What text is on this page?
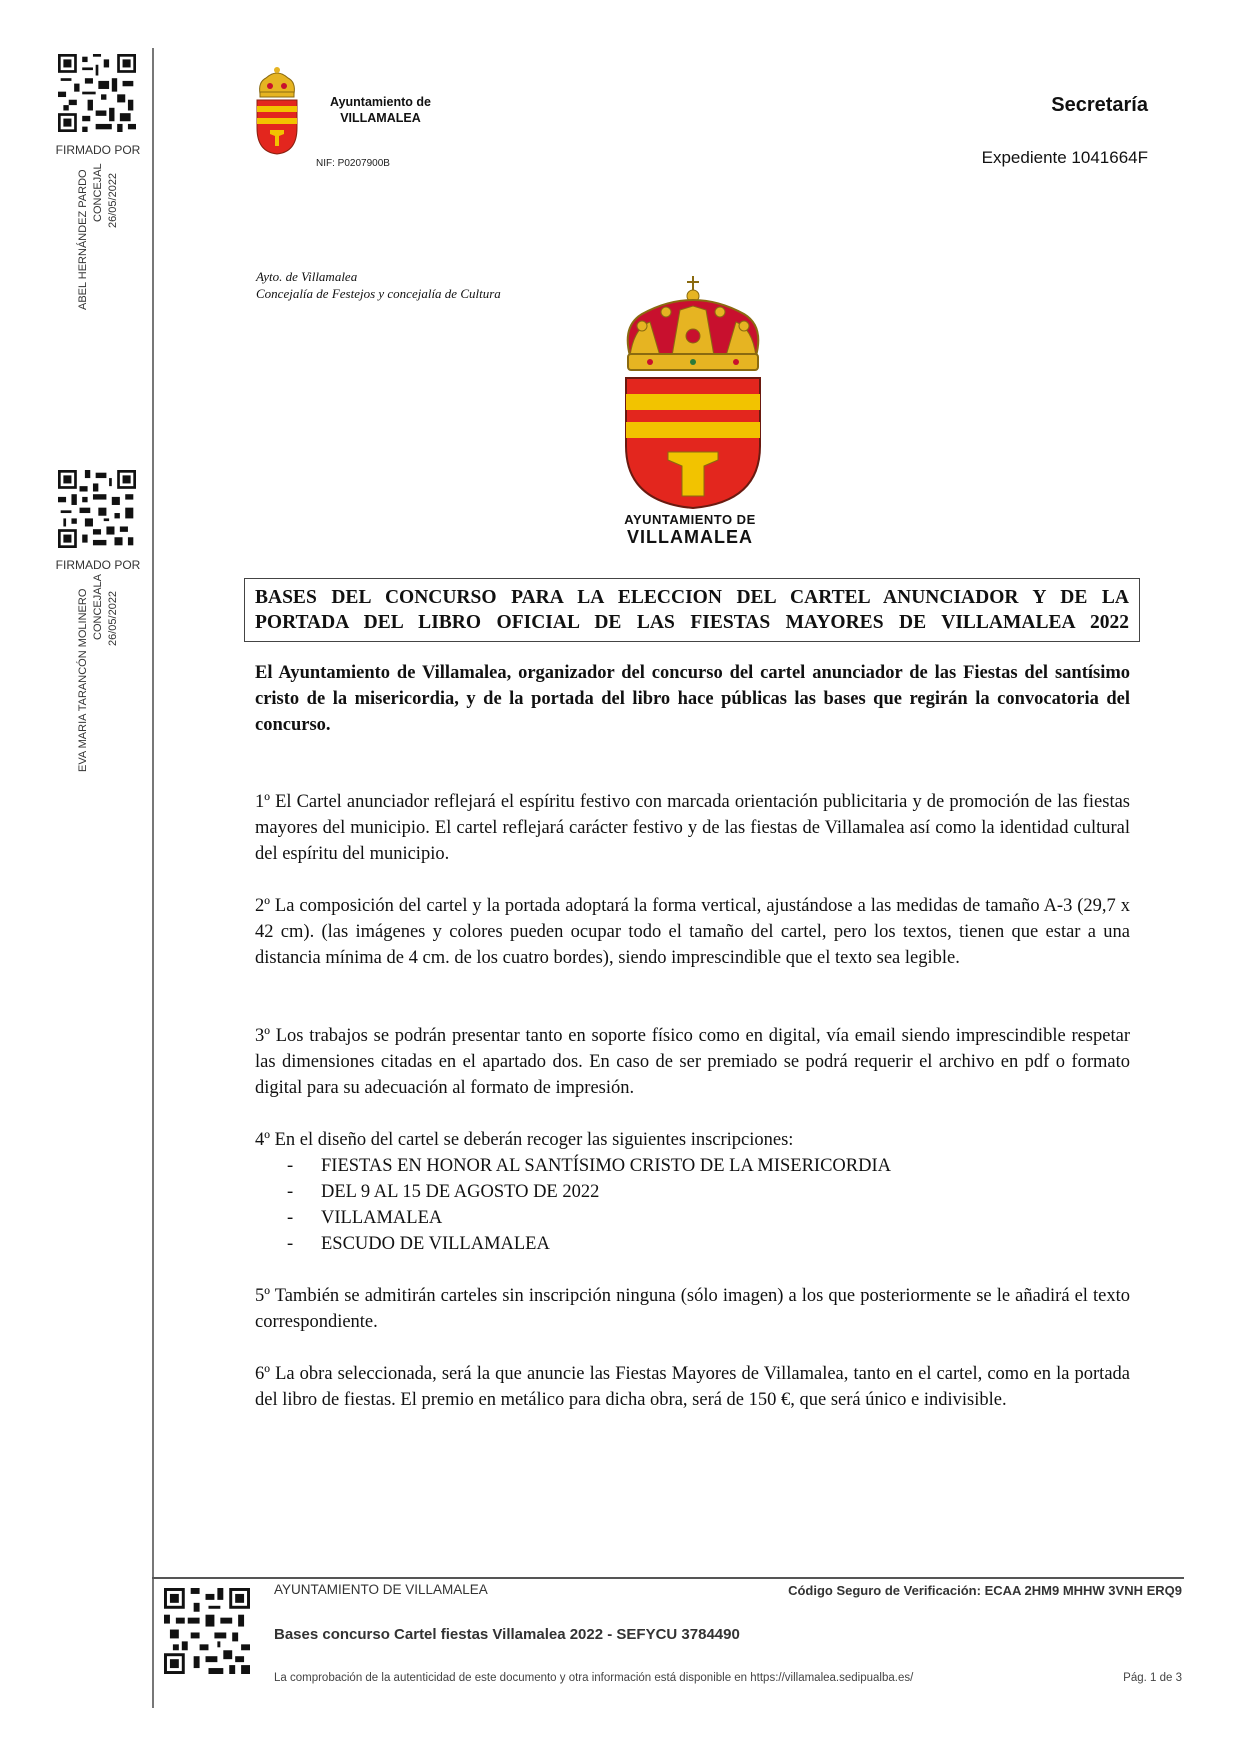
FIRMADO POR
ABEL HERNÁNDEZ PARDO CONCEJAL 26/05/2022
FIRMADO POR
EVA MARIA TARANCÓN MOLINERO CONCEJALA 26/05/2022
Ayuntamiento de
VILLAMALEA
NIF: P0207900B
Secretaría
Expediente 1041664F
Ayto. de Villamalea
Concejalía de Festejos y concejalía de Cultura
AYUNTAMIENTO DE
VILLAMALEA
BASES DEL CONCURSO PARA LA ELECCION DEL CARTEL ANUNCIADOR Y DE LA
PORTADA DEL LIBRO OFICIAL DE LAS FIESTAS MAYORES DE VILLAMALEA 2022
El Ayuntamiento de Villamalea, organizador del concurso del cartel anunciador de las Fiestas del santísimo cristo de la misericordia, y de la portada del libro hace públicas las bases que regirán la convocatoria del concurso.
1º El Cartel anunciador reflejará el espíritu festivo con marcada orientación publicitaria y de promoción de las fiestas mayores del municipio. El cartel reflejará carácter festivo y de las fiestas de Villamalea así como la identidad cultural del espíritu del municipio.
2º La composición del cartel y la portada adoptará la forma vertical, ajustándose a las medidas de tamaño A-3 (29,7 x 42 cm). (las imágenes y colores pueden ocupar todo el tamaño del cartel, pero los textos, tienen que estar a una distancia mínima de 4 cm. de los cuatro bordes), siendo imprescindible que el texto sea legible.
3º Los trabajos se podrán presentar tanto en soporte físico como en digital, vía email siendo imprescindible respetar las dimensiones citadas en el apartado dos. En caso de ser premiado se podrá requerir el archivo en pdf o formato digital para su adecuación al formato de impresión.
4º En el diseño del cartel se deberán recoger las siguientes inscripciones:
- FIESTAS EN HONOR AL SANTÍSIMO CRISTO DE LA MISERICORDIA
- DEL 9 AL 15 DE AGOSTO DE 2022
- VILLAMALEA
- ESCUDO DE VILLAMALEA
5º También se admitirán carteles sin inscripción ninguna (sólo imagen) a los que posteriormente se le añadirá el texto correspondiente.
6º La obra seleccionada, será la que anuncie las Fiestas Mayores de Villamalea, tanto en el cartel, como en la portada del libro de fiestas. El premio en metálico para dicha obra, será de 150 €, que será único e indivisible.
AYUNTAMIENTO DE VILLAMALEA	Código Seguro de Verificación: ECAA 2HM9 MHHW 3VNH ERQ9
Bases concurso Cartel fiestas Villamalea 2022 - SEFYCU 3784490
La comprobación de la autenticidad de este documento y otra información está disponible en https://villamalea.sedipualba.es/	Pág. 1 de 3
